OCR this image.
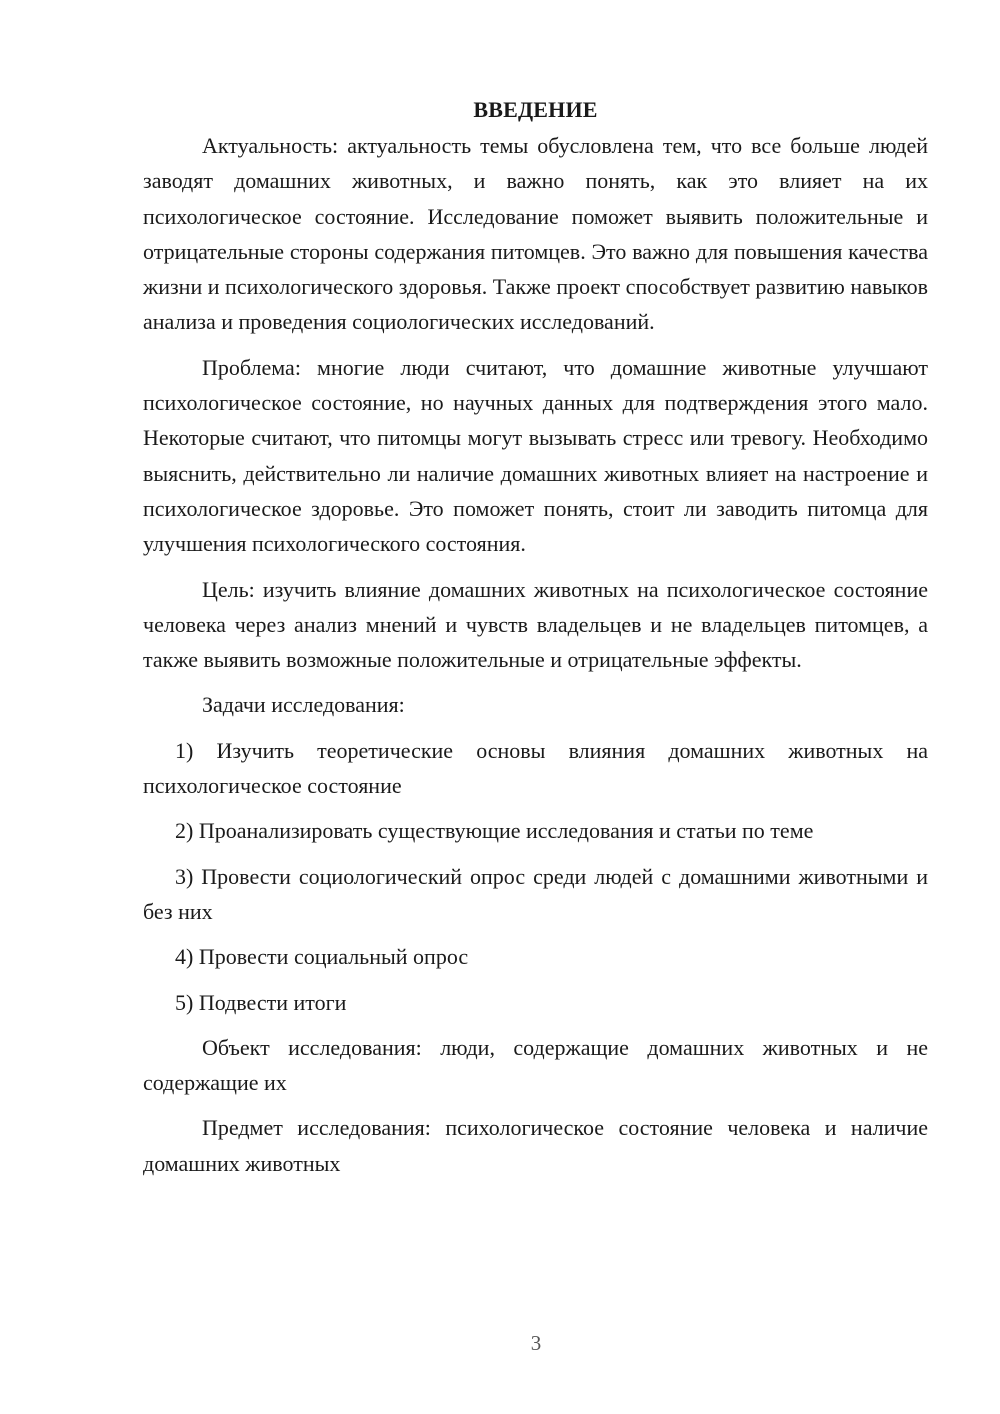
ВВЕДЕНИЕ

Актуальность: актуальность темы обусловлена тем, что все больше людей заводят домашних животных, и важно понять, как это влияет на их психологическое состояние. Исследование поможет выявить положительные и отрицательные стороны содержания питомцев. Это важно для повышения качества жизни и психологического здоровья. Также проект способствует развитию навыков анализа и проведения социологических исследований.

Проблема: многие люди считают, что домашние животные улучшают психологическое состояние, но научных данных для подтверждения этого мало. Некоторые считают, что питомцы могут вызывать стресс или тревогу. Необходимо выяснить, действительно ли наличие домашних животных влияет на настроение и психологическое здоровье. Это поможет понять, стоит ли заводить питомца для улучшения психологического состояния.

Цель: изучить влияние домашних животных на психологическое состояние человека через анализ мнений и чувств владельцев и не владельцев питомцев, а также выявить возможные положительные и отрицательные эффекты.

Задачи исследования:

1) Изучить теоретические основы влияния домашних животных на психологическое состояние

2) Проанализировать существующие исследования и статьи по теме

3) Провести социологический опрос среди людей с домашними животными и без них

4) Провести социальный опрос

5) Подвести итоги

Объект исследования: люди, содержащие домашних животных и не содержащие их

Предмет исследования: психологическое состояние человека и наличие домашних животных

3
